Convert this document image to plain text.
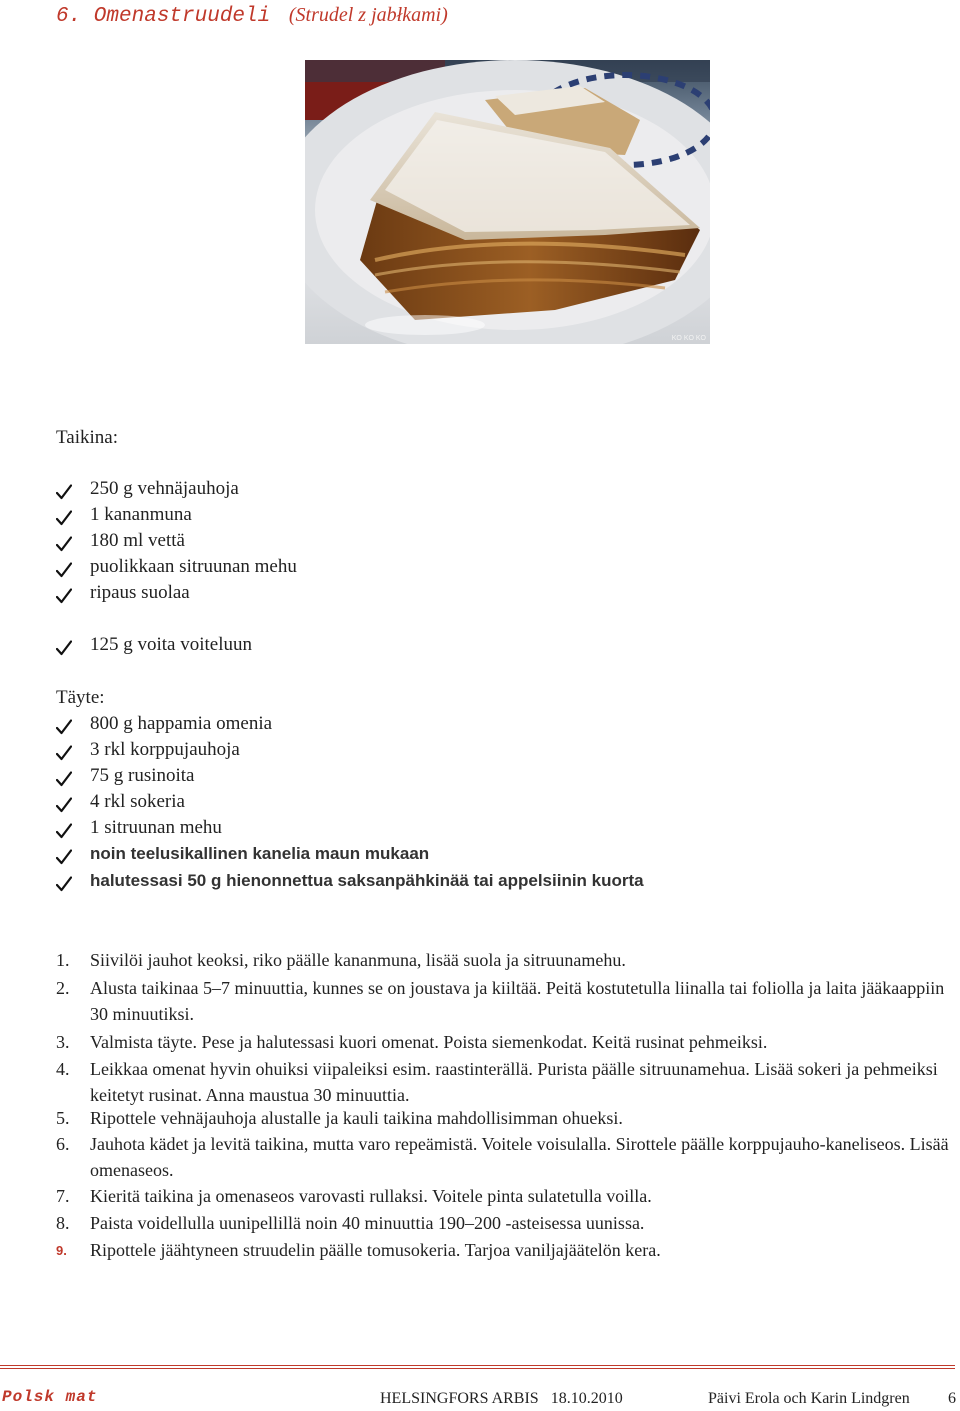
6. Omenastruudeli (Strudel z jabłkami)
KO KO KO
Taikina:
250 g vehnäjauhoja
1 kananmuna
180 ml vettä
puolikkaan sitruunan mehu
ripaus suolaa
125 g voita voiteluun
Täyte:
800 g happamia omenia
3 rkl korppujauhoja
75 g rusinoita
4 rkl sokeria
1 sitruunan mehu
noin teelusikallinen kanelia maun mukaan
halutessasi 50 g hienonnettua saksanpähkinää tai appelsiinin kuorta
1.	Siivilöi jauhot keoksi, riko päälle kananmuna, lisää suola ja sitruunamehu.
2.	Alusta taikinaa 5–7 minuuttia, kunnes se on joustava ja kiiltää. Peitä kostutetulla liinalla tai foliolla ja laita jääkaappiin 30 minuutiksi.
3.	Valmista täyte. Pese ja halutessasi kuori omenat. Poista siemenkodat. Keitä rusinat pehmeiksi.
4.	Leikkaa omenat hyvin ohuiksi viipaleiksi esim. raastinterällä. Purista päälle sitruunamehua. Lisää sokeri ja pehmeiksi keitetyt rusinat. Anna maustua 30 minuuttia.
5.	Ripottele vehnäjauhoja alustalle ja kauli taikina mahdollisimman ohueksi.
6.	Jauhota kädet ja levitä taikina, mutta varo repeämistä. Voitele voisulalla. Sirottele päälle korppujauho-kaneliseos. Lisää omenaseos.
7.	Kieritä taikina ja omenaseos varovasti rullaksi. Voitele pinta sulatetulla voilla.
8.	Paista voidellulla uunipellillä noin 40 minuuttia 190–200 -asteisessa uunissa.
9.	Ripottele jäähtyneen struudelin päälle tomusokeria. Tarjoa vaniljajäätelön kera.
Polsk mat	HELSINGFORS ARBIS   18.10.2010	Päivi Erola och Karin Lindgren 6
